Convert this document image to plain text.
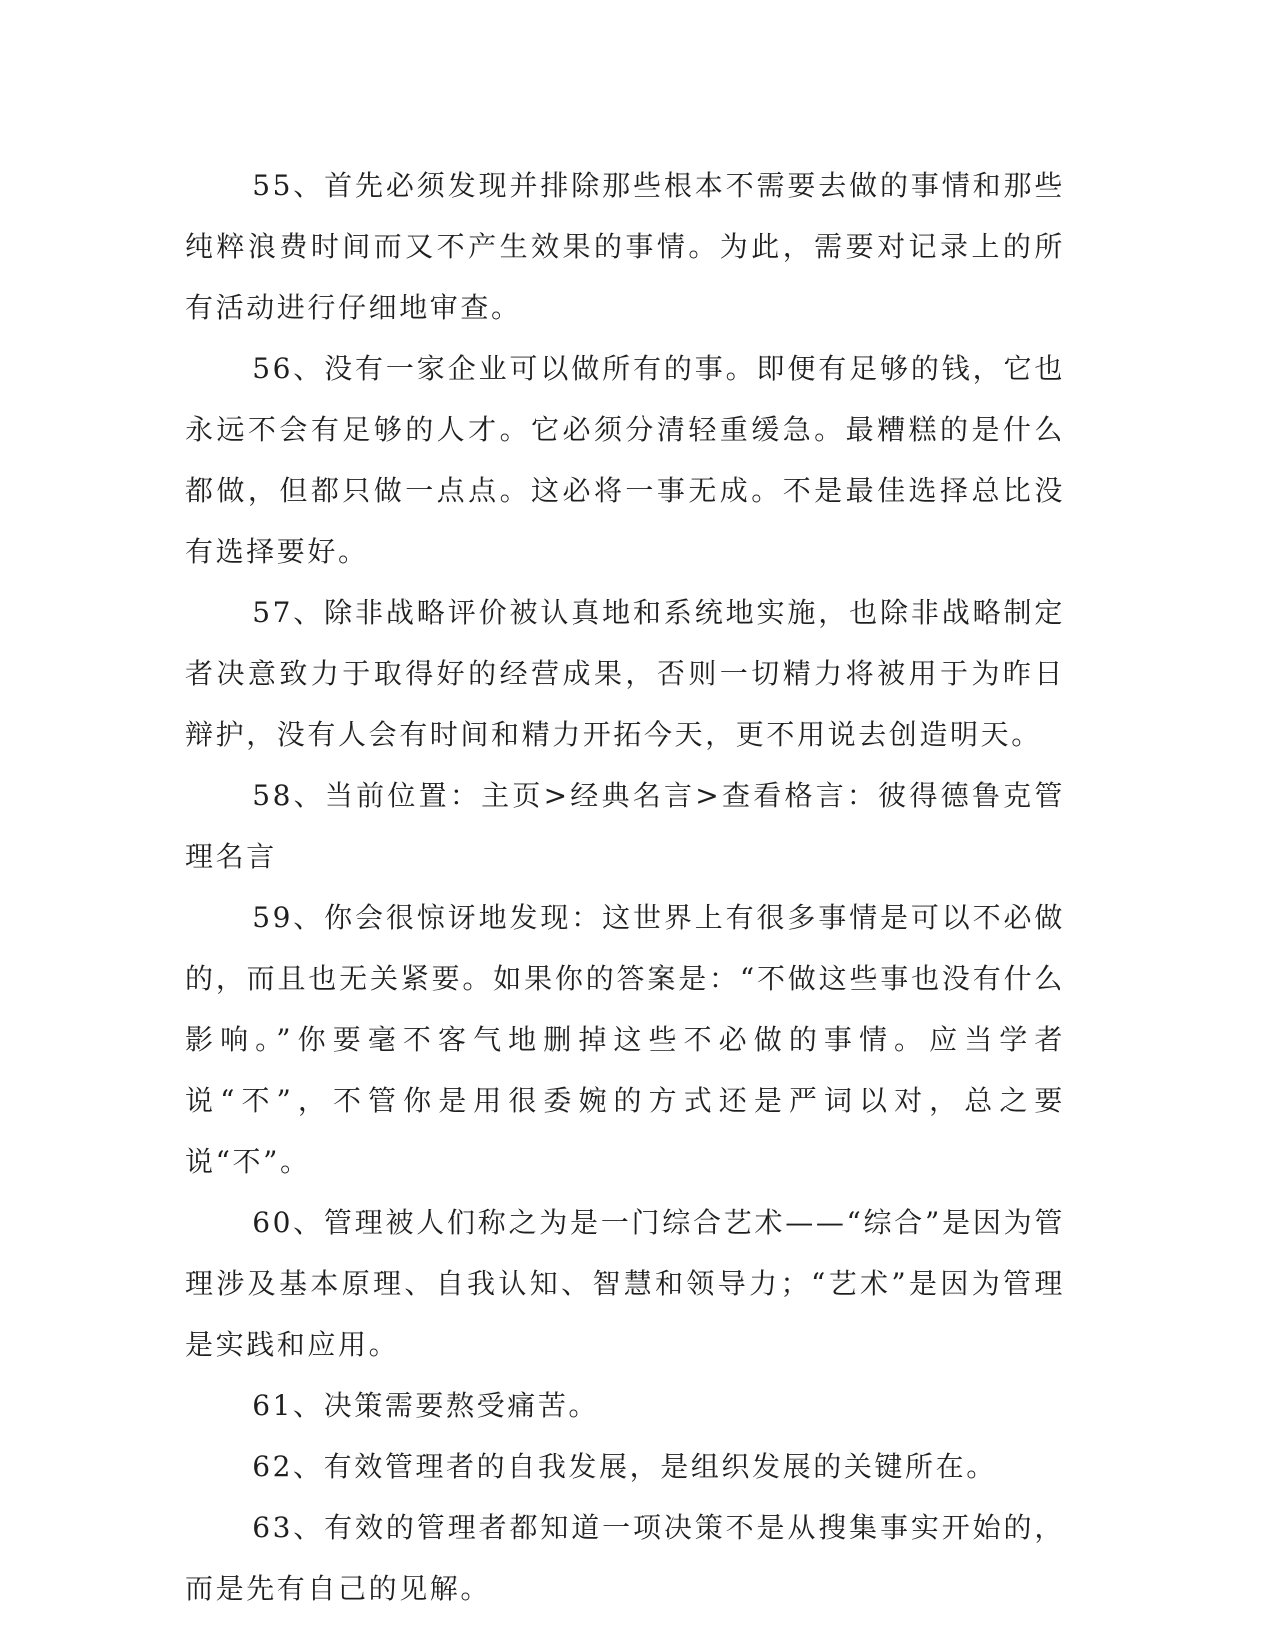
55、首先必须发现并排除那些根本不需要去做的事情和那些纯粹浪费时间而又不产生效果的事情。为此，需要对记录上的所有活动进行仔细地审查。

56、没有一家企业可以做所有的事。即便有足够的钱，它也永远不会有足够的人才。它必须分清轻重缓急。最糟糕的是什么都做，但都只做一点点。这必将一事无成。不是最佳选择总比没有选择要好。

57、除非战略评价被认真地和系统地实施，也除非战略制定者决意致力于取得好的经营成果，否则一切精力将被用于为昨日辩护，没有人会有时间和精力开拓今天，更不用说去创造明天。

58、当前位置：主页>经典名言>查看格言：彼得德鲁克管理名言

59、你会很惊讶地发现：这世界上有很多事情是可以不必做的，而且也无关紧要。如果你的答案是：“不做这些事也没有什么影响。”你要毫不客气地删掉这些不必做的事情。应当学者说“不”，不管你是用很委婉的方式还是严词以对，总之要说“不”。

60、管理被人们称之为是一门综合艺术——“综合”是因为管理涉及基本原理、自我认知、智慧和领导力；“艺术”是因为管理是实践和应用。

61、决策需要熬受痛苦。

62、有效管理者的自我发展，是组织发展的关键所在。

63、有效的管理者都知道一项决策不是从搜集事实开始的，而是先有自己的见解。
